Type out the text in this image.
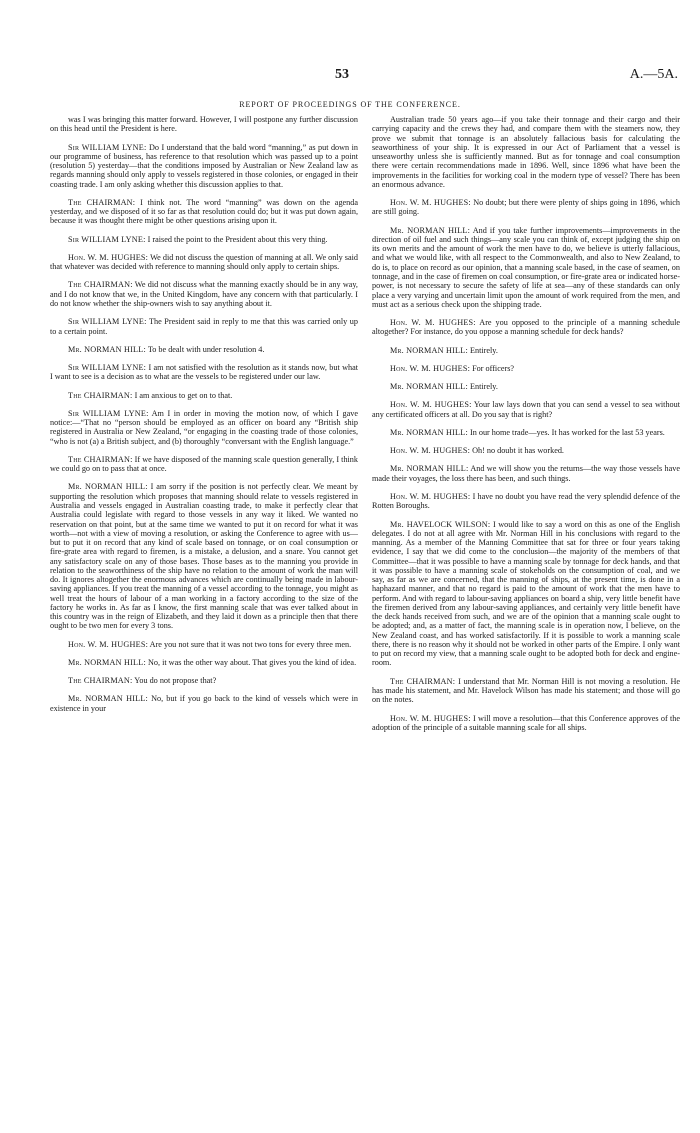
53	A.—5A.
REPORT OF PROCEEDINGS OF THE CONFERENCE.

was I was bringing this matter forward. However, I will postpone any further discussion on this head until the President is here.

Sir WILLIAM LYNE: Do I understand that the bald word “manning,” as put down in our programme of business, has reference to that resolution which was passed up to a point (resolution 5) yesterday—that the conditions imposed by Australian or New Zealand law as regards manning should only apply to vessels registered in those colonies, or engaged in their coasting trade. I am only asking whether this discussion applies to that.

The CHAIRMAN: I think not. The word “manning” was down on the agenda yesterday, and we disposed of it so far as that resolution could do; but it was put down again, because it was thought there might be other questions arising upon it.

Sir WILLIAM LYNE: I raised the point to the President about this very thing.

Hon. W. M. HUGHES: We did not discuss the question of manning at all. We only said that whatever was decided with reference to manning should only apply to certain ships.

The CHAIRMAN: We did not discuss what the manning exactly should be in any way, and I do not know that we, in the United Kingdom, have any concern with that particularly. I do not know whether the ship-owners wish to say anything about it.

Sir WILLIAM LYNE: The President said in reply to me that this was carried only up to a certain point.

Mr. NORMAN HILL: To be dealt with under resolution 4.

Sir WILLIAM LYNE: I am not satisfied with the resolution as it stands now, but what I want to see is a decision as to what are the vessels to be registered under our law.

The CHAIRMAN: I am anxious to get on to that.

Sir WILLIAM LYNE: Am I in order in moving the motion now, of which I gave notice:—“That no “person should be employed as an officer on board any “British ship registered in Australia or New Zealand, “or engaging in the coasting trade of those colonies, “who is not (a) a British subject, and (b) thoroughly “conversant with the English language.”

The CHAIRMAN: If we have disposed of the manning scale question generally, I think we could go on to pass that at once.

Mr. NORMAN HILL: I am sorry if the position is not perfectly clear. We meant by supporting the resolution which proposes that manning should relate to vessels registered in Australia and vessels engaged in Australian coasting trade, to make it perfectly clear that Australia could legislate with regard to those vessels in any way it liked. We wanted no reservation on that point, but at the same time we wanted to put it on record for what it was worth—not with a view of moving a resolution, or asking the Conference to agree with us—but to put it on record that any kind of scale based on tonnage, or on coal consumption or fire-grate area with regard to firemen, is a mistake, a delusion, and a snare. You cannot get any satisfactory scale on any of those bases. Those bases as to the manning you provide in relation to the seaworthiness of the ship have no relation to the amount of work the man will do. It ignores altogether the enormous advances which are continually being made in labour-saving appliances. If you treat the manning of a vessel according to the tonnage, you might as well treat the hours of labour of a man working in a factory according to the size of the factory he works in. As far as I know, the first manning scale that was ever talked about in this country was in the reign of Elizabeth, and they laid it down as a principle then that there ought to be two men for every 3 tons.

Hon. W. M. HUGHES: Are you not sure that it was not two tons for every three men.

Mr. NORMAN HILL: No, it was the other way about. That gives you the kind of idea.

The CHAIRMAN: You do not propose that?

Mr. NORMAN HILL: No, but if you go back to the kind of vessels which were in existence in your

Australian trade 50 years ago—if you take their tonnage and their cargo and their carrying capacity and the crews they had, and compare them with the steamers now, they prove we submit that tonnage is an absolutely fallacious basis for calculating the seaworthiness of your ship. It is expressed in our Act of Parliament that a vessel is unseaworthy unless she is sufficiently manned. But as for tonnage and coal consumption there were certain recommendations made in 1896. Well, since 1896 what have been the improvements in the facilities for working coal in the modern type of vessel? There has been an enormous advance.

Hon. W. M. HUGHES: No doubt; but there were plenty of ships going in 1896, which are still going.

Mr. NORMAN HILL: And if you take further improvements—improvements in the direction of oil fuel and such things—any scale you can think of, except judging the ship on its own merits and the amount of work the men have to do, we believe is utterly fallacious, and what we would like, with all respect to the Commonwealth, and also to New Zealand, to do is, to place on record as our opinion, that a manning scale based, in the case of seamen, on tonnage, and in the case of firemen on coal consumption, or fire-grate area or indicated horse-power, is not necessary to secure the safety of life at sea—any of these standards can only place a very varying and uncertain limit upon the amount of work required from the men, and must act as a serious check upon the shipping trade.

Hon. W. M. HUGHES: Are you opposed to the principle of a manning schedule altogether? For instance, do you oppose a manning schedule for deck hands?

Mr. NORMAN HILL: Entirely.

Hon. W. M. HUGHES: For officers?

Mr. NORMAN HILL: Entirely.

Hon. W. M. HUGHES: Your law lays down that you can send a vessel to sea without any certificated officers at all. Do you say that is right?

Mr. NORMAN HILL: In our home trade—yes. It has worked for the last 53 years.

Hon. W. M. HUGHES: Oh! no doubt it has worked.

Mr. NORMAN HILL: And we will show you the returns—the way those vessels have made their voyages, the loss there has been, and such things.

Hon. W. M. HUGHES: I have no doubt you have read the very splendid defence of the Rotten Boroughs.

Mr. HAVELOCK WILSON: I would like to say a word on this as one of the English delegates. I do not at all agree with Mr. Norman Hill in his conclusions with regard to the manning. As a member of the Manning Committee that sat for three or four years taking evidence, I say that we did come to the conclusion—the majority of the members of that Committee—that it was possible to have a manning scale by tonnage for deck hands, and that it was possible to have a manning scale of stokeholds on the consumption of coal, and we say, as far as we are concerned, that the manning of ships, at the present time, is done in a haphazard manner, and that no regard is paid to the amount of work that the men have to perform. And with regard to labour-saving appliances on board a ship, very little benefit have the firemen derived from any labour-saving appliances, and certainly very little benefit have the deck hands received from such, and we are of the opinion that a manning scale ought to be adopted; and, as a matter of fact, the manning scale is in operation now, I believe, on the New Zealand coast, and has worked satisfactorily. If it is possible to work a manning scale there, there is no reason why it should not be worked in other parts of the Empire. I only want to put on record my view, that a manning scale ought to be adopted both for deck and engine-room.

The CHAIRMAN: I understand that Mr. Norman Hill is not moving a resolution. He has made his statement, and Mr. Havelock Wilson has made his statement; and those will go on the notes.

Hon. W. M. HUGHES: I will move a resolution—that this Conference approves of the adoption of the principle of a suitable manning scale for all ships.
